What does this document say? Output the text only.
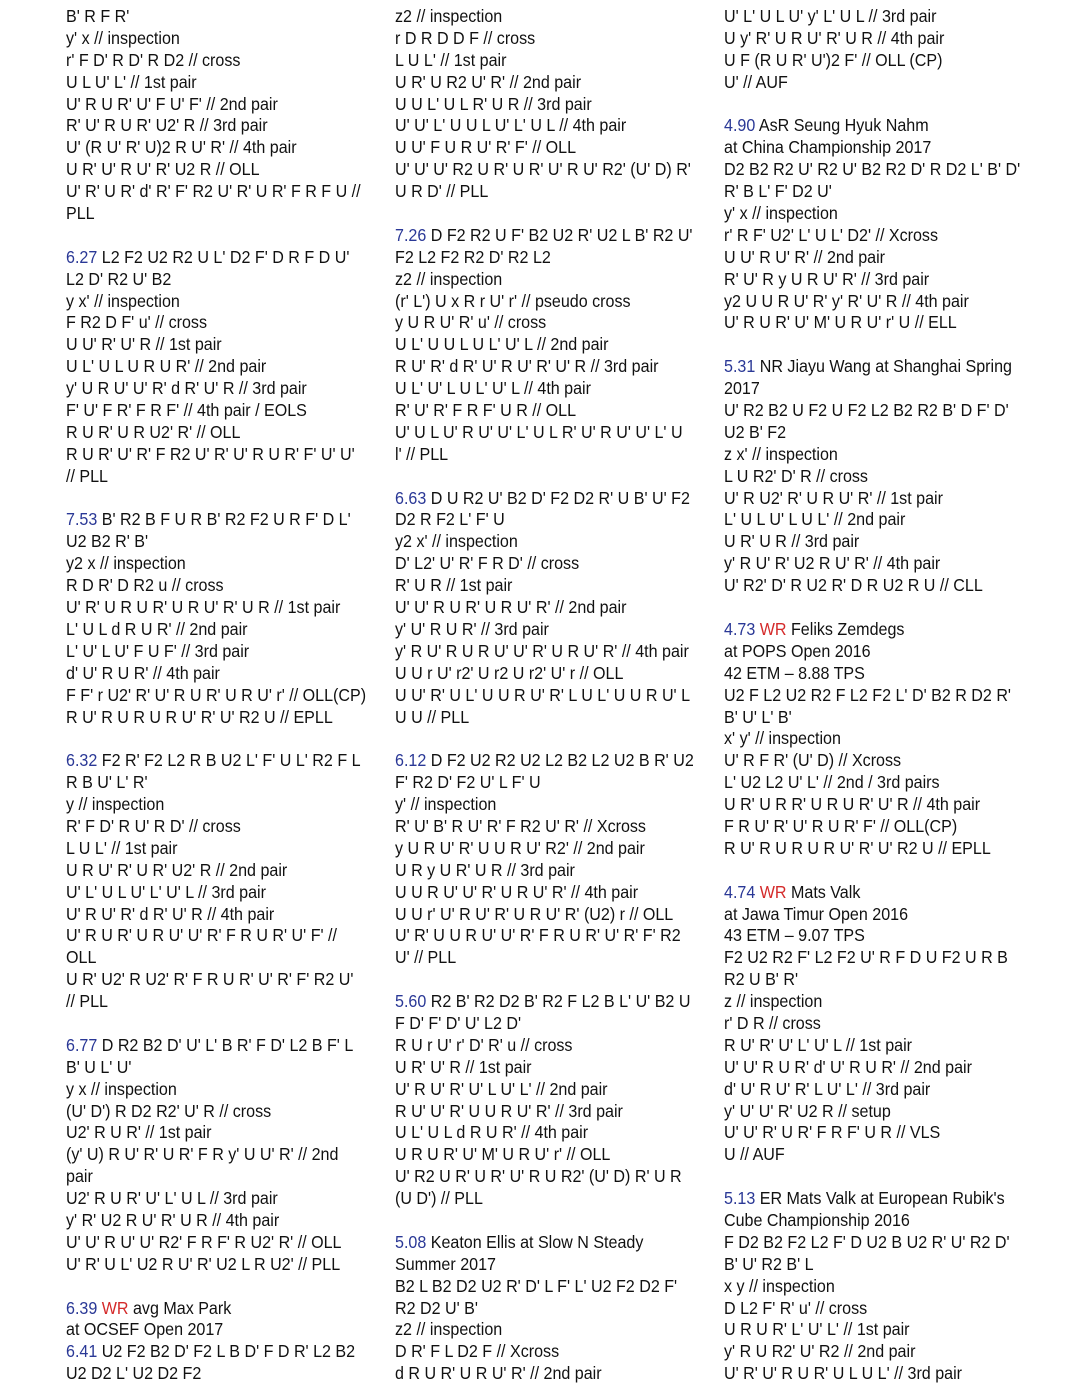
B' R F R'
y' x // inspection
r' F D' R D' R D2 // cross
U L U' L' // 1st pair
U' R U R' U' F U' F' // 2nd pair
R' U' R U R' U2' R // 3rd pair
U' (R U' R' U)2 R U' R' // 4th pair
U R' U' R U' R' U2 R // OLL
U' R' U R' d' R' F' R2 U' R' U R' F R F U //
PLL
6.27 L2 F2 U2 R2 U L' D2 F' D R F D U'
L2 D' R2 U' B2
y x' // inspection
F R2 D F' u' // cross
U U' R' U' R // 1st pair
U L' U L U R U R' // 2nd pair
y' U R U' U' R' d R' U' R // 3rd pair
F' U' F R' F R F' // 4th pair / EOLS
R U R' U R U2' R' // OLL
R U R' U' R' F R2 U' R' U' R U R' F' U' U'
// PLL
7.53 B' R2 B F U R B' R2 F2 U R F' D L'
U2 B2 R' B'
y2 x // inspection
R D R' D R2 u // cross
U' R' U R U R' U R U' R' U R // 1st pair
L' U L d R U R' // 2nd pair
L' U' L U' F U F' // 3rd pair
d' U' R U R' // 4th pair
F F' r U2' R' U' R U R' U R U' r' // OLL(CP)
R U' R U R U R U' R' U' R2 U // EPLL
6.32 F2 R' F2 L2 R B U2 L' F' U L' R2 F L
R B U' L' R'
y // inspection
R' F D' R U' R D' // cross
L U L' // 1st pair
U R U' R' U R' U2' R // 2nd pair
U' L' U L U' L' U' L // 3rd pair
U' R U' R' d R' U' R // 4th pair
U' R U R' U R U' U' R' F R U R' U' F' //
OLL
U R' U2' R U2' R' F R U R' U' R' F' R2 U'
// PLL
6.77 D R2 B2 D' U' L' B R' F D' L2 B F' L
B' U L' U'
y x // inspection
(U' D') R D2 R2' U' R // cross
U2' R U R' // 1st pair
(y' U) R U' R' U R' F R y' U U' R' // 2nd
pair
U2' R U R' U' L' U L // 3rd pair
y' R' U2 R U' R' U R // 4th pair
U' U' R U' U' R2' F R F' R U2' R' // OLL
U' R' U L' U2 R U' R' U2 L R U2' // PLL
6.39 WR avg Max Park
at OCSEF Open 2017
6.41 U2 F2 B2 D' F2 L B D' F D R' L2 B2
U2 D2 L' U2 D2 F2
z2 // inspection
r D R D D F // cross
L U L' // 1st pair
U R' U R2 U' R' // 2nd pair
U U L' U L R' U R // 3rd pair
U' U' L' U U L U' L' U L // 4th pair
U U' F U R U' R' F' // OLL
U' U' U' R2 U R' U R' U' R U' R2' (U' D) R'
U R D' // PLL
7.26 D F2 R2 U F' B2 U2 R' U2 L B' R2 U'
F2 L2 F2 R2 D' R2 L2
z2 // inspection
(r' L') U x R r U' r' // pseudo cross
y U R U' R' u' // cross
U L' U U L U L' U' L // 2nd pair
R U' R' d R' U' R U' R' U' R // 3rd pair
U L' U' L U L' U' L // 4th pair
R' U' R' F R F' U R // OLL
U' U L U' R U' U' L' U L R' U' R U' U' L' U
l' // PLL
6.63 D U R2 U' B2 D' F2 D2 R' U B' U' F2
D2 R F2 L' F' U
y2 x' // inspection
D' L2' U' R' F R D' // cross
R' U R // 1st pair
U' U' R U R' U R U' R' // 2nd pair
y' U' R U R' // 3rd pair
y' R U' R U R U' U' R' U R U' R' // 4th pair
U U r U' r2' U r2 U r2' U' r // OLL
U U' R' U L' U U R U' R' L U L' U U R U' L
U U // PLL
6.12 D F2 U2 R2 U2 L2 B2 L2 U2 B R' U2
F' R2 D' F2 U' L F' U
y' // inspection
R' U' B' R U' R' F R2 U' R' // Xcross
y U R U' R' U U R U' R2' // 2nd pair
U R y U R' U R // 3rd pair
U U R U' U' R' U R U' R' // 4th pair
U U r' U' R U' R' U R U' R' (U2) r // OLL
U' R' U U R U' U' R' F R U R' U' R' F' R2
U' // PLL
5.60 R2 B' R2 D2 B' R2 F L2 B L' U' B2 U
F D' F' D' U' L2 D'
R U r U' r' D' R' u // cross
U R' U' R // 1st pair
U' R U' R' U' L U' L' // 2nd pair
R U' U' R' U U R U' R' // 3rd pair
U L' U L d R U R' // 4th pair
U R U R' U' M' U R U' r' // OLL
U' R2 U R' U R' U' R U R2' (U' D) R' U R
(U D') // PLL
5.08 Keaton Ellis at Slow N Steady
Summer 2017
B2 L B2 D2 U2 R' D' L F' L' U2 F2 D2 F'
R2 D2 U' B'
z2 // inspection
D R' F L D2 F // Xcross
d R U R' U R U' R' // 2nd pair
U' L' U L U' y' L' U L // 3rd pair
U y' R' U R U' R' U R // 4th pair
U F (R U R' U')2 F' // OLL (CP)
U' // AUF
4.90 AsR Seung Hyuk Nahm
at China Championship 2017
D2 B2 R2 U' R2 U' B2 R2 D' R D2 L' B' D'
R' B L' F' D2 U'
y' x // inspection
r' R F' U2' L' U L' D2' // Xcross
U U' R U' R' // 2nd pair
R' U' R y U R U' R' // 3rd pair
y2 U U R U' R' y' R' U' R // 4th pair
U' R U R' U' M' U R U' r' U // ELL
5.31 NR Jiayu Wang at Shanghai Spring
2017
U' R2 B2 U F2 U F2 L2 B2 R2 B' D F' D'
U2 B' F2
z x' // inspection
L U R2' D' R // cross
U' R U2' R' U R U' R' // 1st pair
L' U L U' L U L' // 2nd pair
U R' U R // 3rd pair
y' R U' R' U2 R U' R' // 4th pair
U' R2' D' R U2 R' D R U2 R U // CLL
4.73 WR Feliks Zemdegs
at POPS Open 2016
42 ETM – 8.88 TPS
U2 F L2 U2 R2 F L2 F2 L' D' B2 R D2 R'
B' U' L' B'
x' y' // inspection
U' R F R' (U' D) // Xcross
L' U2 L2 U' L' // 2nd / 3rd pairs
U R' U R R' U R U R' U' R // 4th pair
F R U' R' U' R U R' F' // OLL(CP)
R U' R U R U R U' R' U' R2 U // EPLL
4.74 WR Mats Valk
at Jawa Timur Open 2016
43 ETM – 9.07 TPS
F2 U2 R2 F' L2 F2 U' R F D U F2 U R B
R2 U B' R'
z // inspection
r' D R // cross
R U' R' U' L' U' L // 1st pair
U' U' R U R' d' U' R U R' // 2nd pair
d' U' R U' R' L U' L' // 3rd pair
y' U' U' R' U2 R // setup
U' U' R' U R' F R F' U R // VLS
U // AUF
5.13 ER Mats Valk at European Rubik's
Cube Championship 2016
F D2 B2 F2 L2 F' D U2 B U2 R' U' R2 D'
B' U' R2 B' L
x y // inspection
D L2 F' R' u' // cross
U R U R' L' U' L' // 1st pair
y' R U R2' U' R2 // 2nd pair
U' R' U' R U R' U L U L' // 3rd pair
